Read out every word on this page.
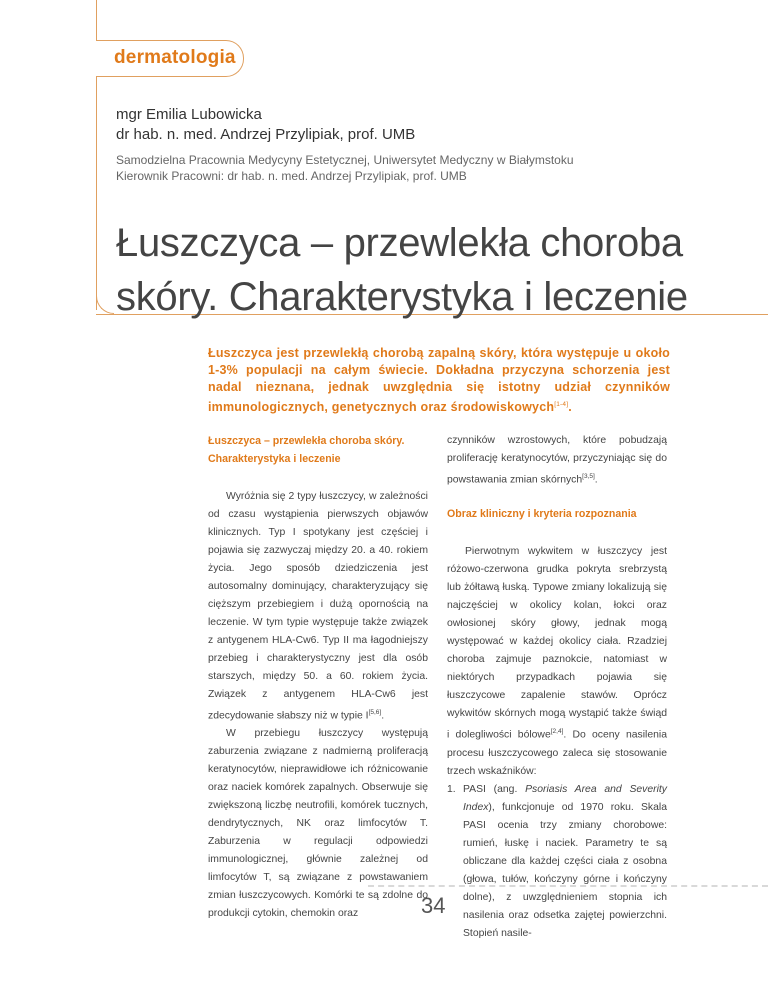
dermatologia
mgr Emilia Lubowicka
dr hab. n. med. Andrzej Przylipiak, prof. UMB
Samodzielna Pracownia Medycyny Estetycznej, Uniwersytet Medyczny w Białymstoku
Kierownik Pracowni: dr hab. n. med. Andrzej Przylipiak, prof. UMB
Łuszczyca – przewlekła choroba
skóry. Charakterystyka i leczenie

Łuszczyca jest przewlekłą chorobą zapalną skóry, która występuje u około 1-3% populacji na całym świecie. Dokładna przyczyna schorzenia jest nadal nieznana, jednak uwzględnia się istotny udział czynników immunologicznych, genetycznych oraz środowiskowych[1-4].

Łuszczyca – przewlekła choroba skóry. Charakterystyka i leczenie

Wyróżnia się 2 typy łuszczycy, w zależności od czasu wystąpienia pierwszych objawów klinicznych. Typ I spotykany jest częściej i pojawia się zazwyczaj między 20. a 40. rokiem życia. Jego sposób dziedziczenia jest autosomalny dominujący, charakteryzujący się cięższym przebiegiem i dużą opornością na leczenie. W tym typie występuje także związek z antygenem HLA-Cw6. Typ II ma łagodniejszy przebieg i charakterystyczny jest dla osób starszych, między 50. a 60. rokiem życia. Związek z antygenem HLA-Cw6 jest zdecydowanie słabszy niż w typie I[5,6].

W przebiegu łuszczycy występują zaburzenia związane z nadmierną proliferacją keratynocytów, nieprawidłowe ich różnicowanie oraz naciek komórek zapalnych. Obserwuje się zwiększoną liczbę neutrofili, komórek tucznych, dendrytycznych, NK oraz limfocytów T. Zaburzenia w regulacji odpowiedzi immunologicznej, głównie zależnej od limfocytów T, są związane z powstawaniem zmian łuszczycowych. Komórki te są zdolne do produkcji cytokin, chemokin oraz

czynników wzrostowych, które pobudzają proliferację keratynocytów, przyczyniając się do powstawania zmian skórnych[3,5].

Obraz kliniczny i kryteria rozpoznania

Pierwotnym wykwitem w łuszczycy jest różowo-czerwona grudka pokryta srebrzystą lub żółtawą łuską. Typowe zmiany lokalizują się najczęściej w okolicy kolan, łokci oraz owłosionej skóry głowy, jednak mogą występować w każdej okolicy ciała. Rzadziej choroba zajmuje paznokcie, natomiast w niektórych przypadkach pojawia się łuszczycowe zapalenie stawów. Oprócz wykwitów skórnych mogą wystąpić także świąd i dolegliwości bólowe[2,4]. Do oceny nasilenia procesu łuszczycowego zaleca się stosowanie trzech wskaźników:

1. PASI (ang. Psoriasis Area and Severity Index), funkcjonuje od 1970 roku. Skala PASI ocenia trzy zmiany chorobowe: rumień, łuskę i naciek. Parametry te są obliczane dla każdej części ciała z osobna (głowa, tułów, kończyny górne i kończyny dolne), z uwzględnieniem stopnia ich nasilenia oraz odsetka zajętej powierzchni. Stopień nasile-
34
